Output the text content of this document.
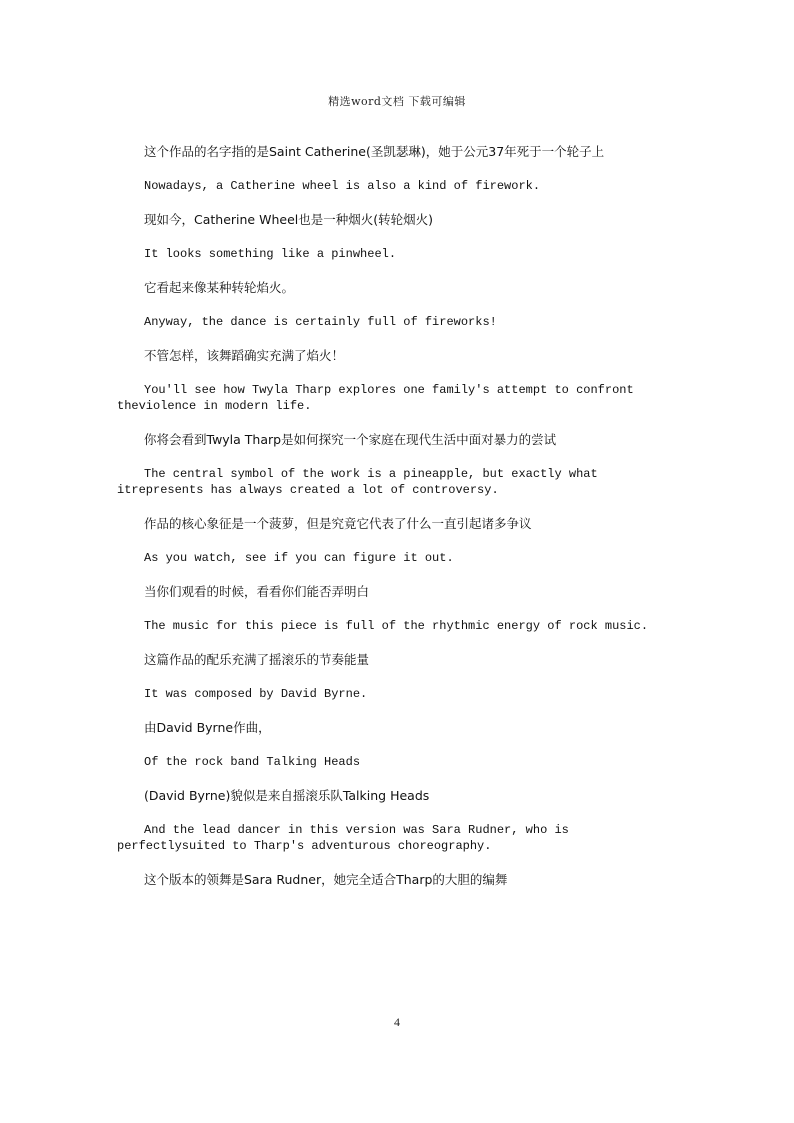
精选word文档 下载可编辑

这个作品的名字指的是Saint Catherine(圣凯瑟琳)，她于公元37年死于一个轮子上

Nowadays, a Catherine wheel is also a kind of firework.

现如今，Catherine Wheel也是一种烟火(转轮烟火)

It looks something like a pinwheel.

它看起来像某种转轮焰火。

Anyway, the dance is certainly full of fireworks!

不管怎样，该舞蹈确实充满了焰火！

You'll see how Twyla Tharp explores one family's attempt to confront theviolence in modern life.

你将会看到Twyla Tharp是如何探究一个家庭在现代生活中面对暴力的尝试

The central symbol of the work is a pineapple, but exactly what itrepresents has always created a lot of controversy.

作品的核心象征是一个菠萝，但是究竟它代表了什么一直引起诸多争议

As you watch, see if you can figure it out.

当你们观看的时候，看看你们能否弄明白

The music for this piece is full of the rhythmic energy of rock music.

这篇作品的配乐充满了摇滚乐的节奏能量

It was composed by David Byrne.

由David Byrne作曲，

Of the rock band Talking Heads

(David Byrne)貌似是来自摇滚乐队Talking Heads

And the lead dancer in this version was Sara Rudner, who is perfectlysuited to Tharp's adventurous choreography.

这个版本的领舞是Sara Rudner，她完全适合Tharp的大胆的编舞

4
